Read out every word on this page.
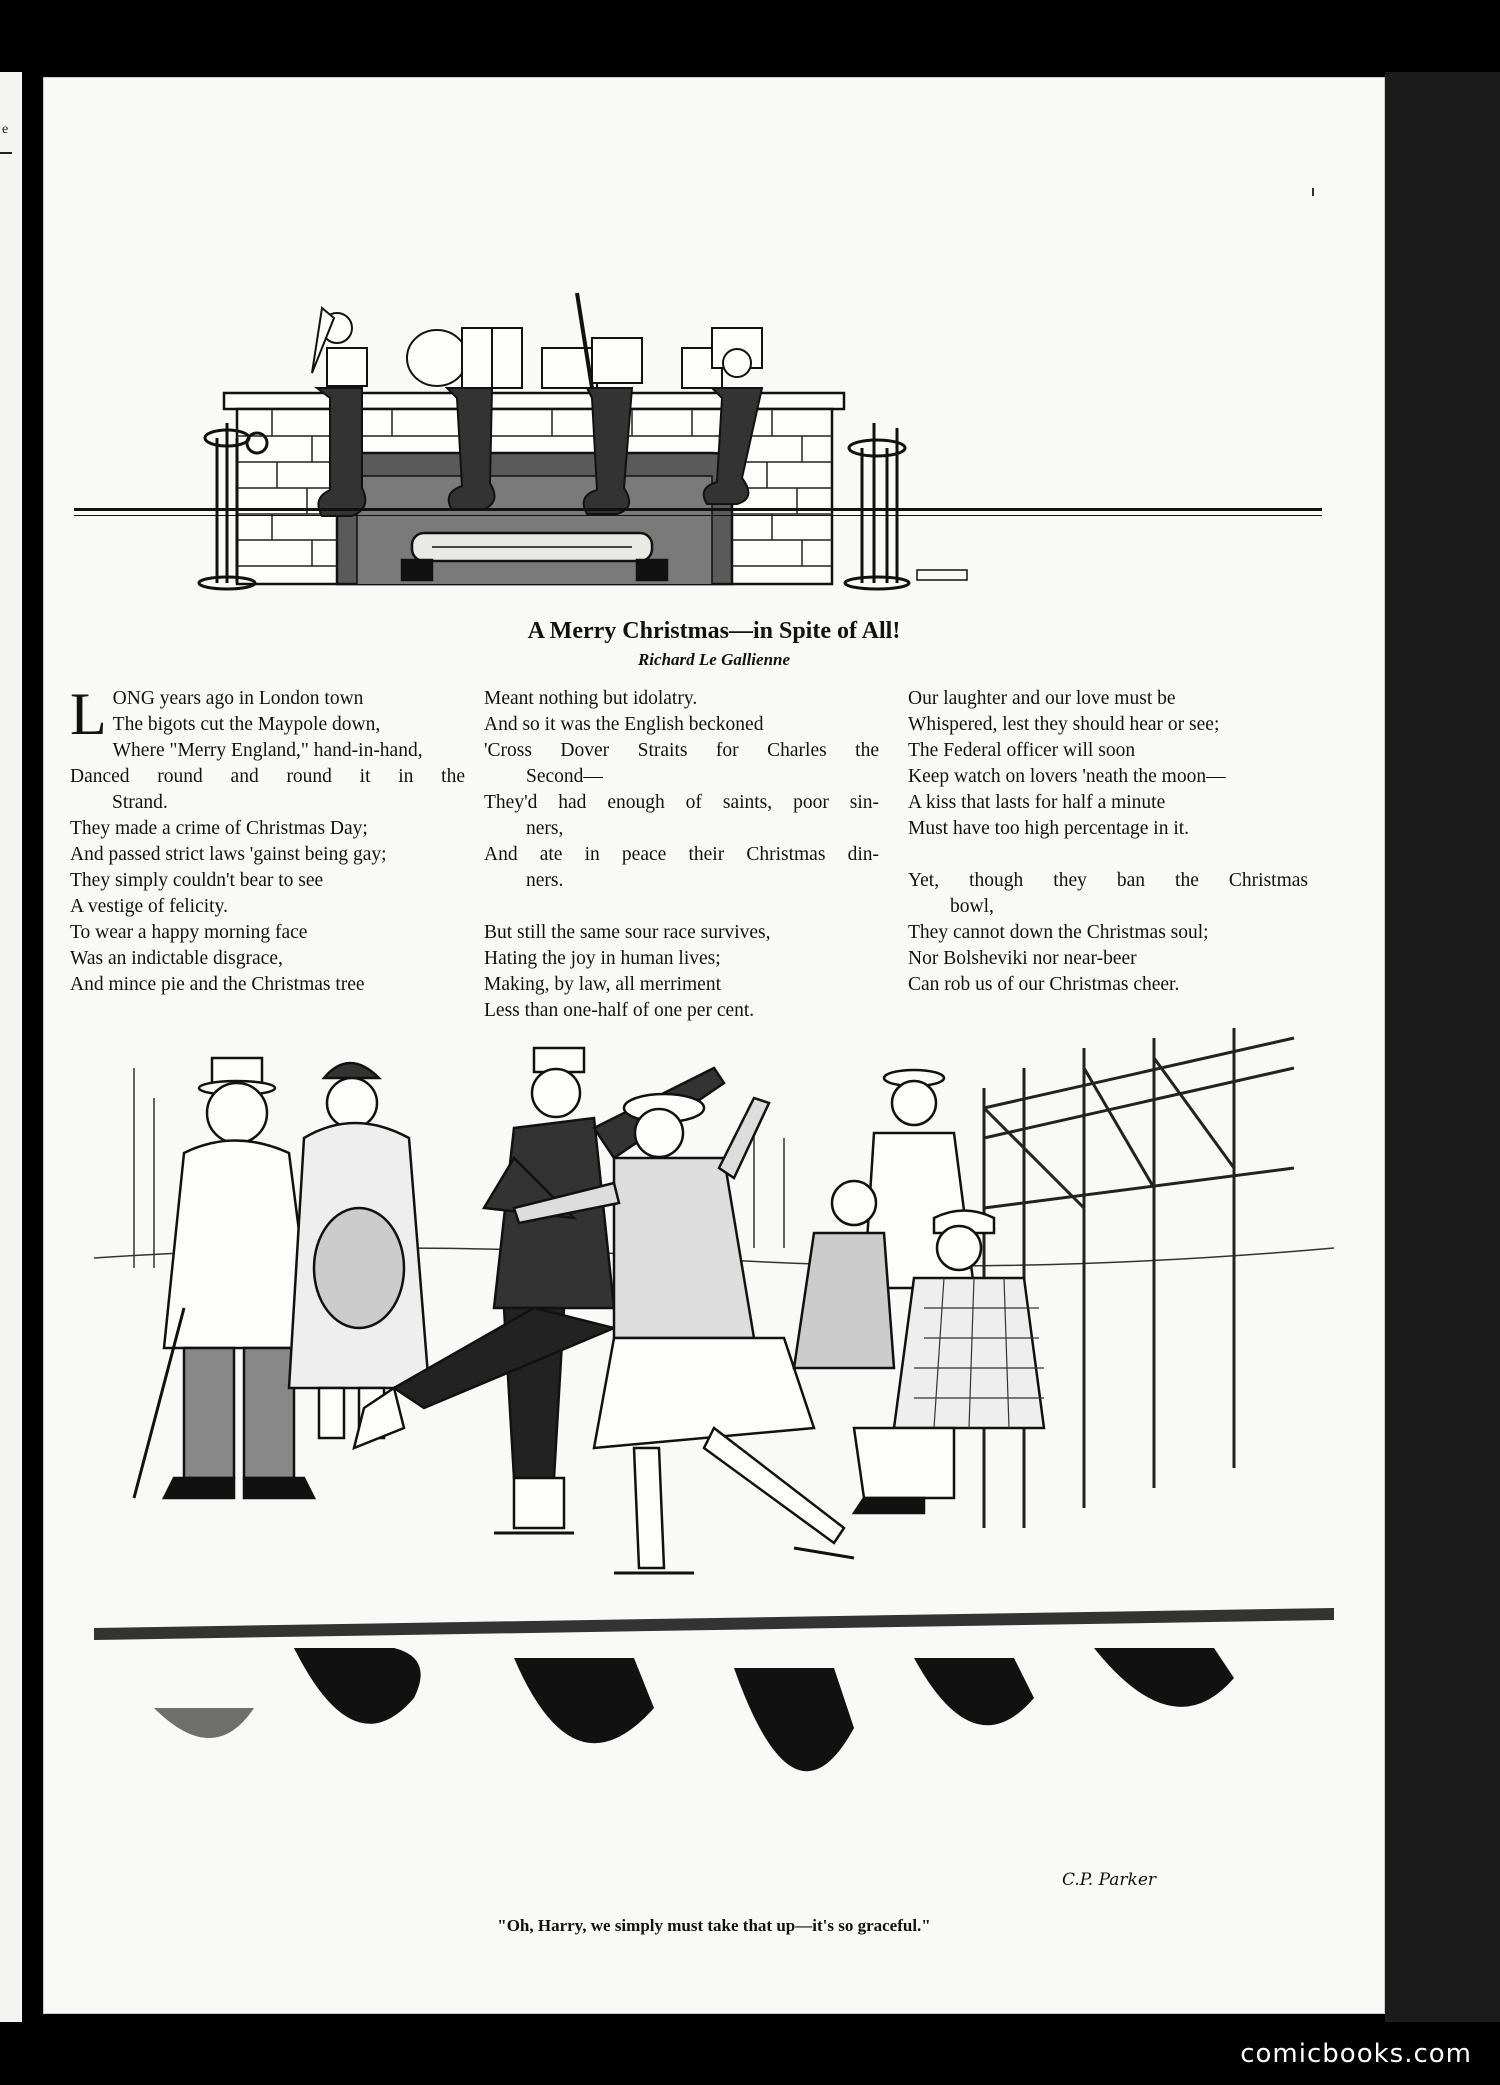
e
A Merry Christmas—in Spite of All!
Richard Le Gallienne
L ONG years ago in London town
The bigots cut the Maypole down,
Where "Merry England," hand-in-hand,
Danced round and round it in the
Strand.
They made a crime of Christmas Day;
And passed strict laws 'gainst being gay;
They simply couldn't bear to see
A vestige of felicity.
To wear a happy morning face
Was an indictable disgrace,
And mince pie and the Christmas tree
Meant nothing but idolatry.
And so it was the English beckoned
'Cross Dover Straits for Charles the
Second—
They'd had enough of saints, poor sin-
ners,
And ate in peace their Christmas din-
ners.
But still the same sour race survives,
Hating the joy in human lives;
Making, by law, all merriment
Less than one-half of one per cent.
Our laughter and our love must be
Whispered, lest they should hear or see;
The Federal officer will soon
Keep watch on lovers 'neath the moon—
A kiss that lasts for half a minute
Must have too high percentage in it.
Yet, though they ban the Christmas
bowl,
They cannot down the Christmas soul;
Nor Bolsheviki nor near-beer
Can rob us of our Christmas cheer.
C.P. Parker
"Oh, Harry, we simply must take that up—it's so graceful."
comicbooks.com
